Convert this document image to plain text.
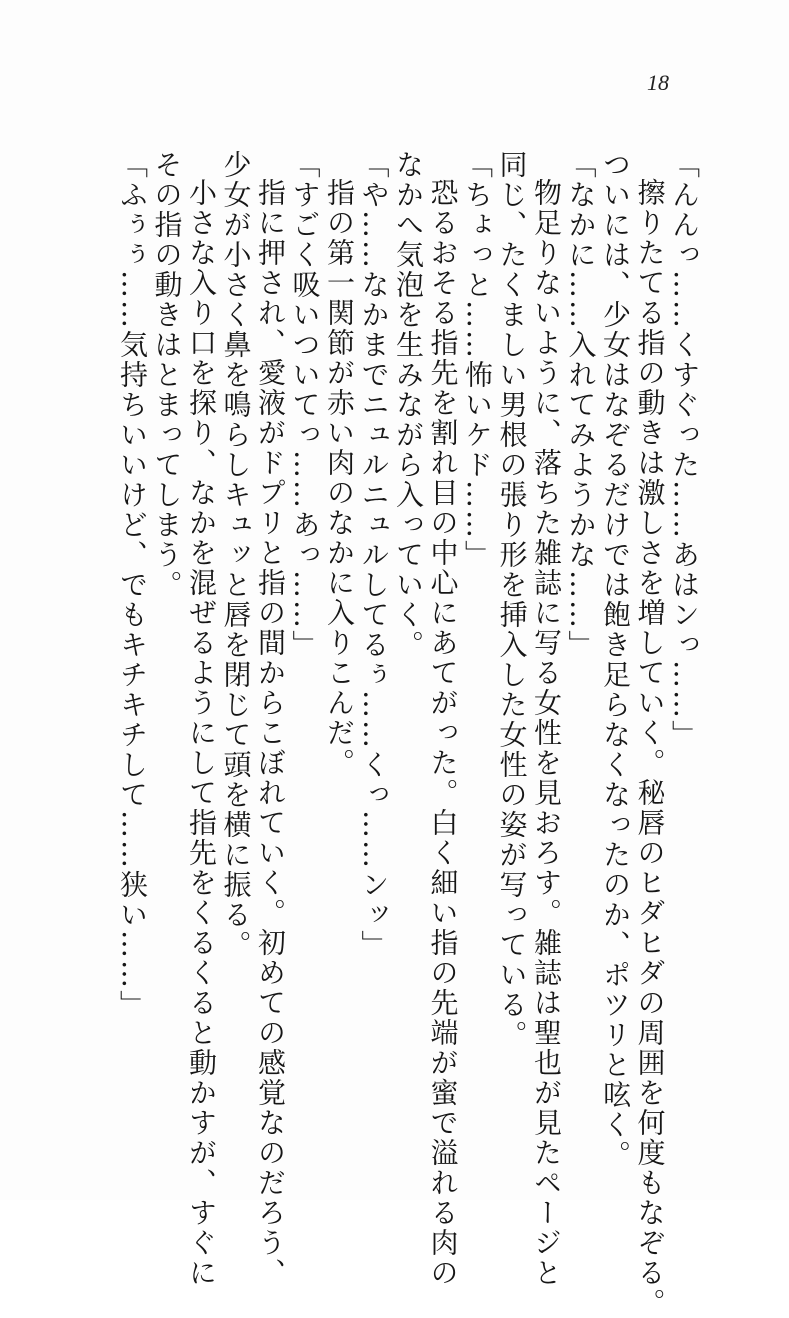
18
「んんっ……くすぐった……あはンっ……」
擦りたてる指の動きは激しさを増していく。秘唇のヒダヒダの周囲を何度もなぞる。
ついには、少女はなぞるだけでは飽き足らなくなったのか、ポツリと呟く。
「なかに……入れてみようかな……」
物足りないように、落ちた雑誌に写る女性を見おろす。雑誌は聖也が見たページと
同じ、たくましい男根の張り形を挿入した女性の姿が写っている。
「ちょっと……怖いケド……」
恐るおそる指先を割れ目の中心にあてがった。白く細い指の先端が蜜で溢れる肉の
なかへ気泡を生みながら入っていく。
「や……なかまでニュルニュルしてるぅ……くっ……ンッ」
指の第一関節が赤い肉のなかに入りこんだ。
「すごく吸いついてっ……あっ……」
指に押され、愛液がドプリと指の間からこぼれていく。初めての感覚なのだろう、
少女が小さく鼻を鳴らしキュッと唇を閉じて頭を横に振る。
小さな入り口を探り、なかを混ぜるようにして指先をくるくると動かすが、すぐに
その指の動きはとまってしまう。
「ふぅぅ……気持ちいいけど、でもキチキチして……狭い……」
